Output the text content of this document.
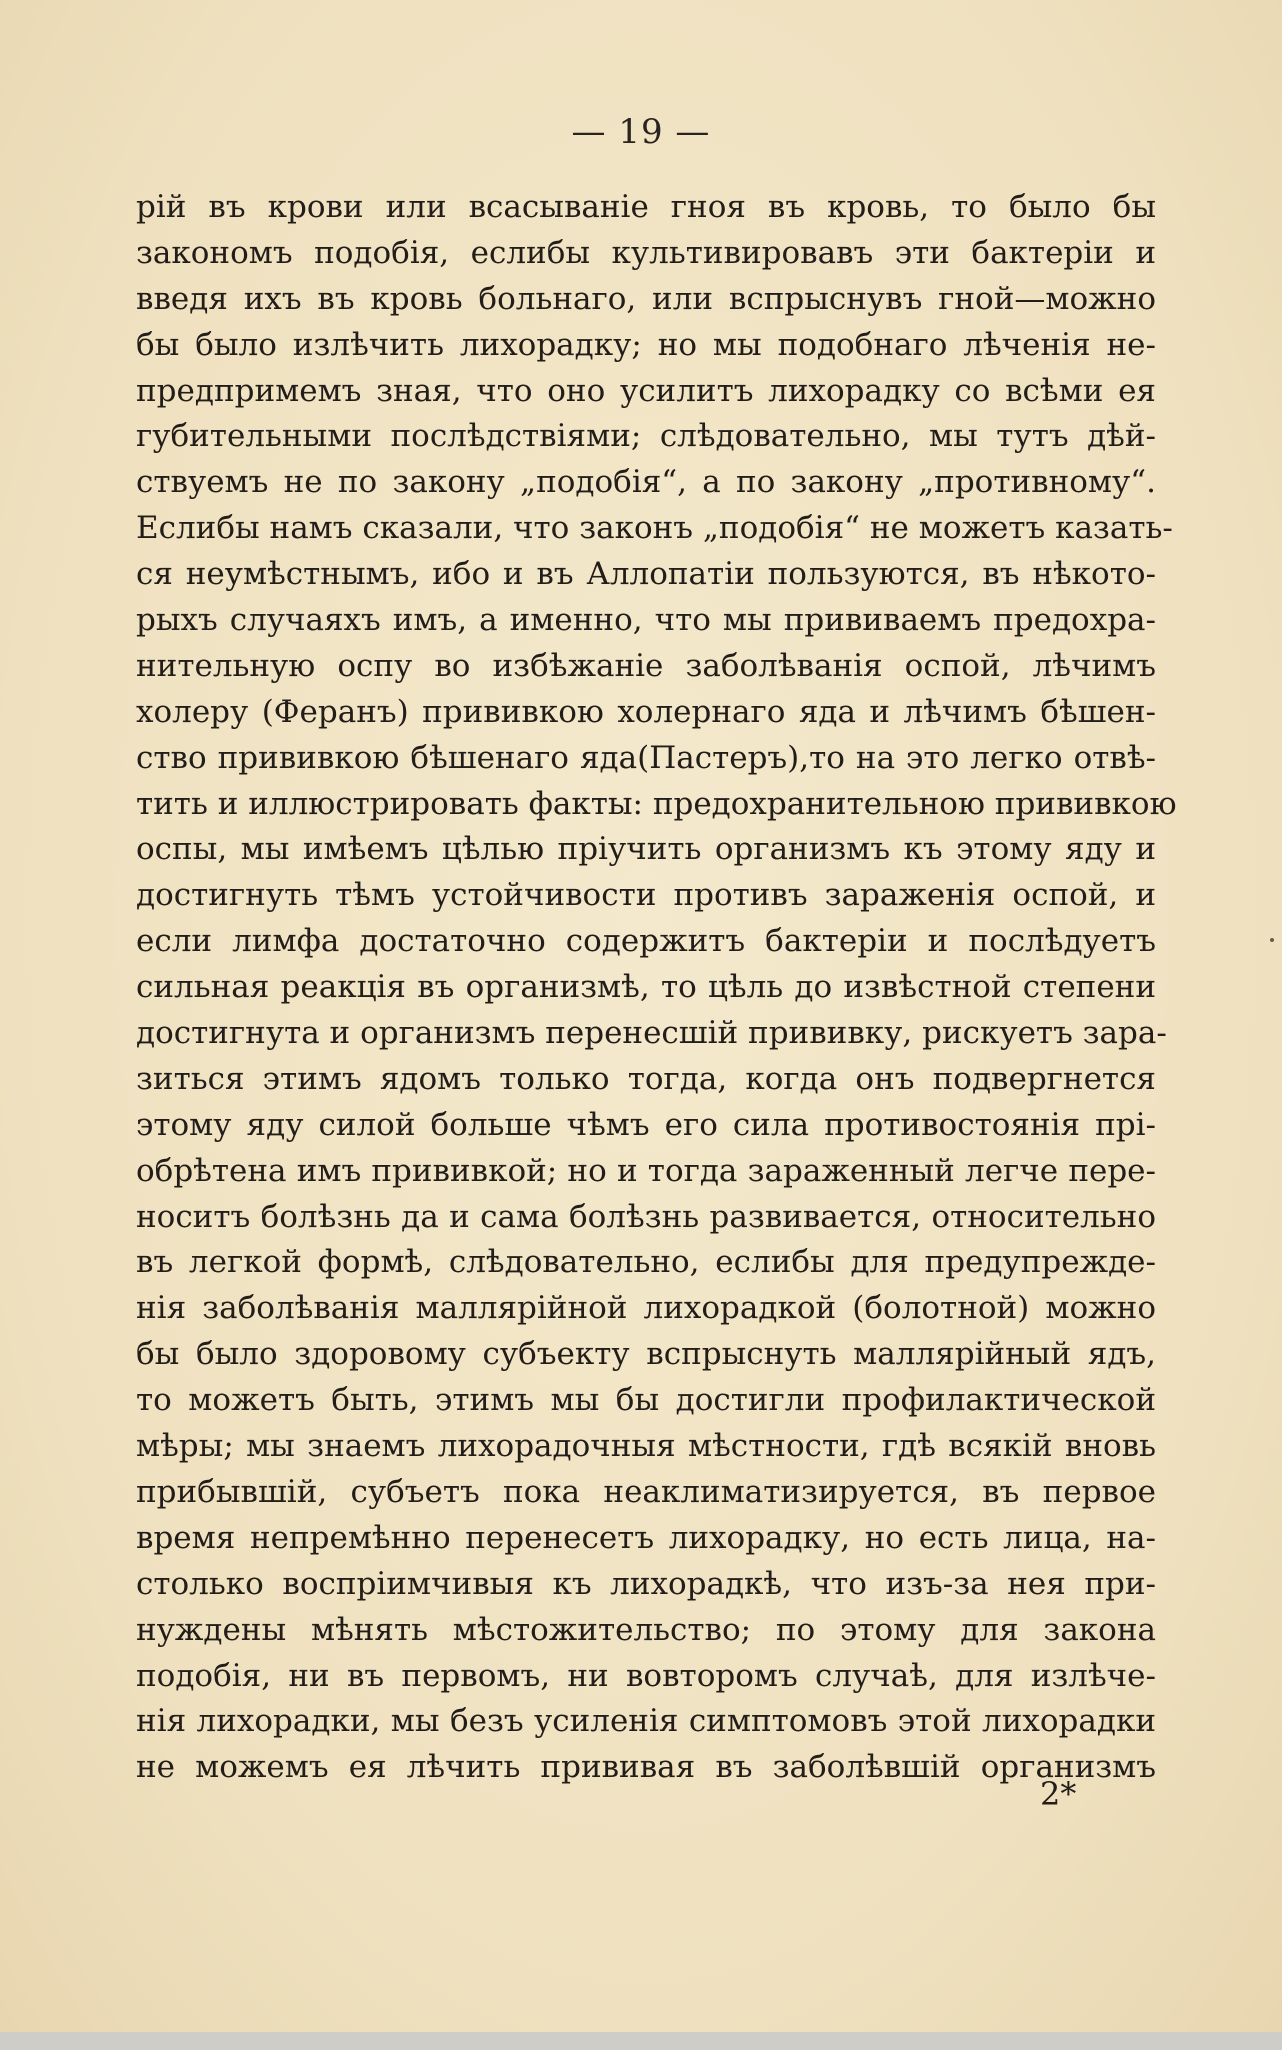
— 19 —
рій въ крови или всасываніе гноя въ кровь, то было бы
закономъ подобія, еслибы культивировавъ эти бактеріи и
введя ихъ въ кровь больнаго, или вспрыснувъ гной—можно
бы было излѣчить лихорадку; но мы подобнаго лѣченія не-
предпримемъ зная, что оно усилитъ лихорадку со всѣми ея
губительными послѣдствіями; слѣдовательно, мы тутъ дѣй-
ствуемъ не по закону „подобія“, а по закону „противному“.
Еслибы намъ сказали, что законъ „подобія“ не можетъ казать-
ся неумѣстнымъ, ибо и въ Аллопатіи пользуются, въ нѣкото-
рыхъ случаяхъ имъ, а именно, что мы прививаемъ предохра-
нительную оспу во избѣжаніе заболѣванія оспой, лѣчимъ
холеру (Феранъ) прививкою холернаго яда и лѣчимъ бѣшен-
ство прививкою бѣшенаго яда(Пастеръ),то на это легко отвѣ-
тить и иллюстрировать факты: предохранительною прививкою
оспы, мы имѣемъ цѣлью пріучить организмъ къ этому яду и
достигнуть тѣмъ устойчивости противъ зараженія оспой, и
если лимфа достаточно содержитъ бактеріи и послѣдуетъ
сильная реакція въ организмѣ, то цѣль до извѣстной степени
достигнута и организмъ перенесшій прививку, рискуетъ зара-
зиться этимъ ядомъ только тогда, когда онъ подвергнется
этому яду силой больше чѣмъ его сила противостоянія прі-
обрѣтена имъ прививкой; но и тогда зараженный легче пере-
носитъ болѣзнь да и сама болѣзнь развивается, относительно
въ легкой формѣ, слѣдовательно, еслибы для предупрежде-
нія заболѣванія маллярійной лихорадкой (болотной) можно
бы было здоровому субъекту вспрыснуть маллярійный ядъ,
то можетъ быть, этимъ мы бы достигли профилактической
мѣры; мы знаемъ лихорадочныя мѣстности, гдѣ всякій вновь
прибывшій, субъетъ пока неаклиматизируется, въ первое
время непремѣнно перенесетъ лихорадку, но есть лица, на-
столько воспріимчивыя къ лихорадкѣ, что изъ-за нея при-
нуждены мѣнять мѣстожительство; по этому для закона
подобія, ни въ первомъ, ни вовторомъ случаѣ, для излѣче-
нія лихорадки, мы безъ усиленія симптомовъ этой лихорадки
не можемъ ея лѣчить прививая въ заболѣвшій организмъ
2*
